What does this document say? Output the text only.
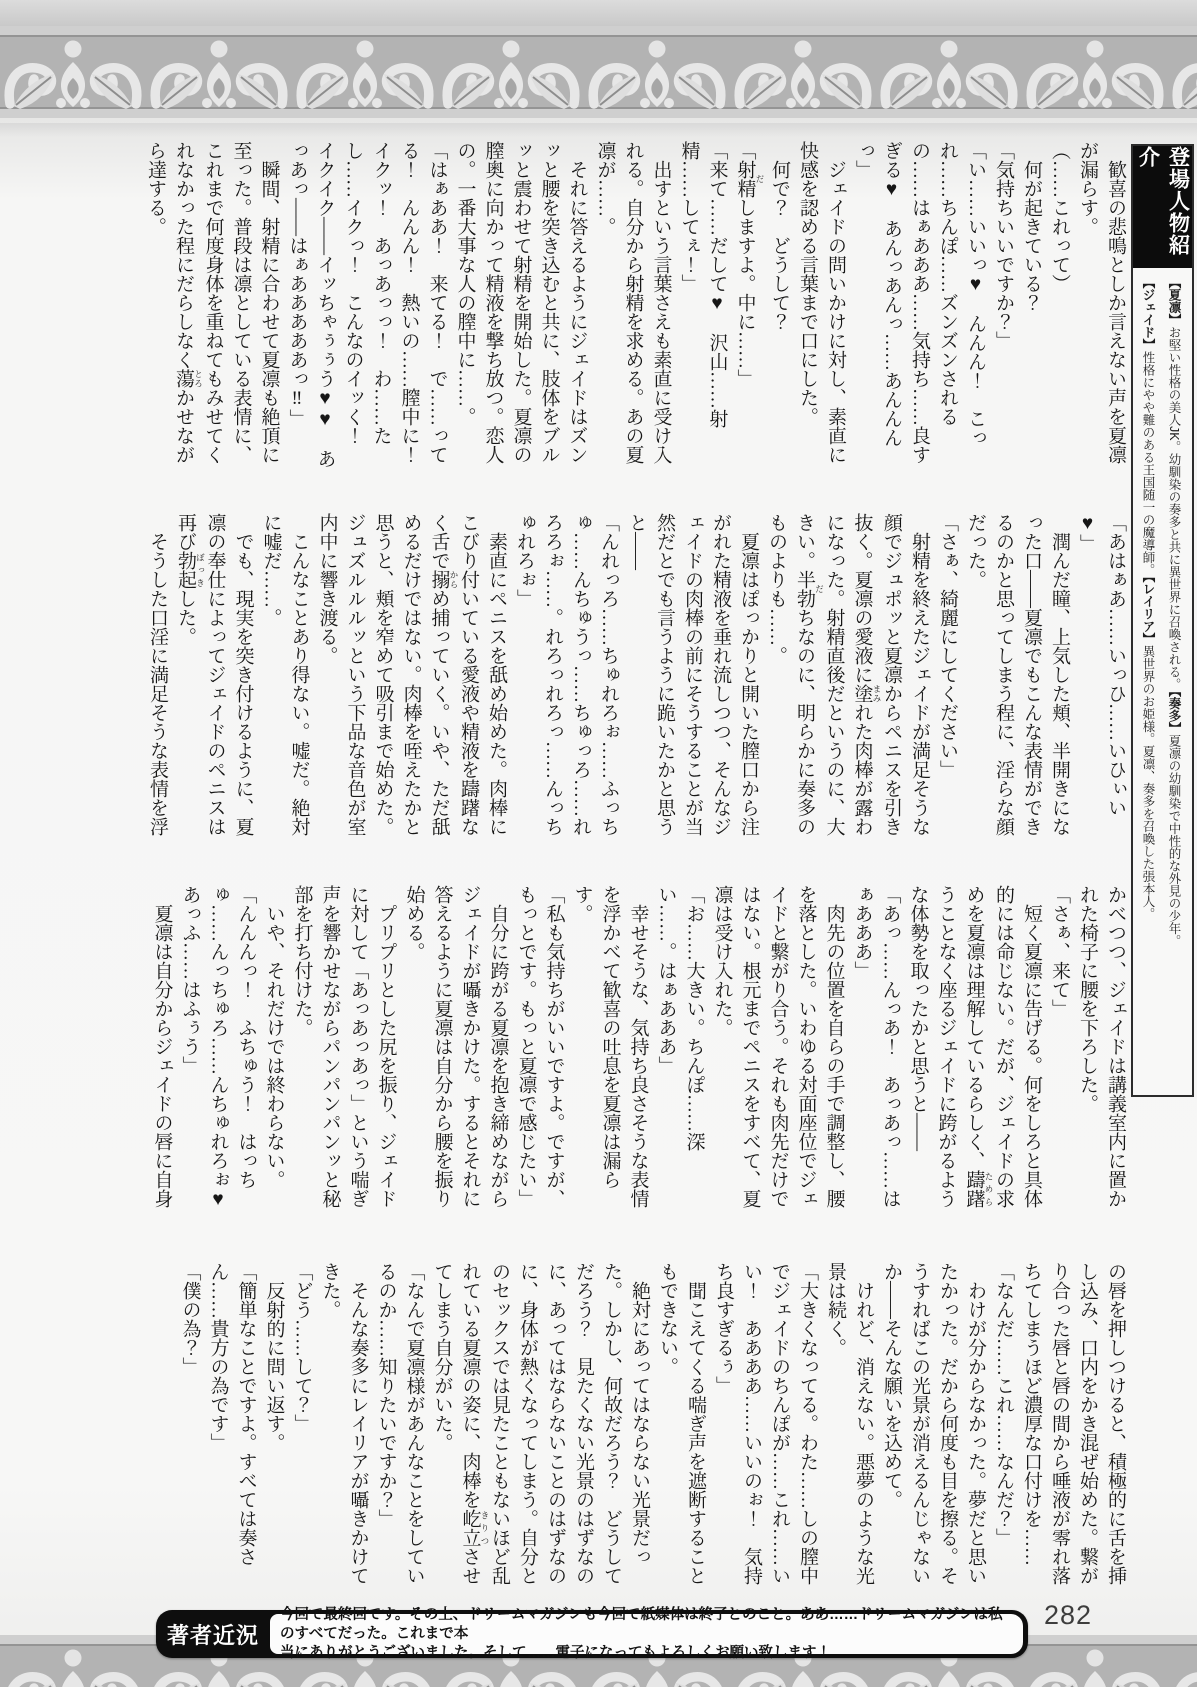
登場人物紹介

【夏凛】お堅い性格の美人JK。幼馴染の奏多と共に異世界に召喚される。【奏多】夏凛の幼馴染で中性的な外見の少年。

【ジェイド】性格にやや難のある王国随一の魔導師。【レイリア】異世界のお姫様。夏凛、奏多を召喚した張本人。

　歓喜の悲鳴としか言えない声を夏凛が漏らす。

（……これって）

　何が起きている？

「気持ちいいですか？」

「い……いいっ♥　んんん！　こっれ……ちんぽ……ズンズンされるの……はぁあああ……気持ち……良すぎる♥　あんっあんっ……あんんんっ」

　ジェイドの問いかけに対し、素直に快感を認める言葉まで口にした。

　何で？　どうして？

「射精 だしますよ。中に……」

「来て……だして♥　沢山……射精……してぇ！」

　出すという言葉さえも素直に受け入れる。自分から射精を求める。あの夏凛が……。

　それに答えるようにジェイドはズンッと腰を突き込むと共に、肢体をブルッと震わせて射精を開始した。夏凛の膣奥に向かって精液を撃ち放つ。恋人の。一番大事な人の膣中に……。

「はぁああ！　来てる！　で……ってる！　んんん！　熱いの……膣中に！　イクッ！　あっあっっ！　わ……たし……イクっ！　こんなのイッく！　イクイク――イッちゃぅぅう♥♥　あっあっ――はぁあああああっ‼」

　瞬間、射精に合わせて夏凛も絶頂に至った。普段は凛としている表情に、これまで何度身体を重ねてもみせてくれなかった程にだらしなく蕩 とろかせながら達する。

「あはぁあ……いっひ……いひぃい♥」

　潤んだ瞳、上気した頬、半開きになった口――夏凛でもこんな表情ができるのかと思ってしまう程に、淫らな顔だった。

「さぁ、綺麗にしてください」

　射精を終えたジェイドが満足そうな顔でジュポッと夏凛からペニスを引き抜く。夏凛の愛液に塗 まみれた肉棒が露わになった。射精直後だというのに、大きい。半勃 だちなのに、明らかに奏多のものよりも……。

　夏凛はぽっかりと開いた膣口から注がれた精液を垂れ流しつつ、そんなジェイドの肉棒の前にそうすることが当然だとでも言うように跪いたかと思うと――

「んれっろ……ちゅれろぉ……ふっちゅ……んちゅうっ……ちゅっろ……れろろぉ……。れろっれろっ……んっちゅれろぉ」

　素直にペニスを舐め始めた。肉棒にこびり付いている愛液や精液を躊躇なく舌で搦 からめ捕っていく。いや、ただ舐めるだけではない。肉棒を咥えたかと思うと、頬を窄めて吸引まで始めた。ジュズルルルッという下品な音色が室内中に響き渡る。

　こんなことあり得ない。嘘だ。絶対に嘘だ……。

　でも、現実を突き付けるように、夏凛の奉仕によってジェイドのペニスは再び勃起 ぼっきした。

　そうした口淫に満足そうな表情を浮

かべつつ、ジェイドは講義室内に置かれた椅子に腰を下ろした。

「さぁ、来て」

　短く夏凛に告げる。何をしろと具体的には命じない。だが、ジェイドの求めを夏凛は理解しているらしく、躊躇 ためらうことなく座るジェイドに跨がるような体勢を取ったかと思うと――

「あっ……んっあ！　あっあっ……はぁあああ」

　肉先の位置を自らの手で調整し、腰を落とした。いわゆる対面座位でジェイドと繋がり合う。それも肉先だけではない。根元までペニスをすべて、夏凛は受け入れた。

「お……大きい。ちんぽ……深い……。はぁあああ」

　幸せそうな、気持ち良さそうな表情を浮かべて歓喜の吐息を夏凛は漏らす。

「私も気持ちがいいですよ。ですが、もっとです。もっと夏凛で感じたい」

　自分に跨がる夏凛を抱き締めながらジェイドが囁きかけた。するとそれに答えるように夏凛は自分から腰を振り始める。

　プリプリとした尻を振り、ジェイドに対して「あっあっあっ」という喘ぎ声を響かせながらパンパンパンッと秘部を打ち付けた。

　いや、それだけでは終わらない。

「んんんっ！　ふちゅう！　はっちゅ……んっちゅろ……んちゅれろぉ♥　あっふ……はふぅう」

　夏凛は自分からジェイドの唇に自身

の唇を押しつけると、積極的に舌を挿し込み、口内をかき混ぜ始めた。繋がり合った唇と唇の間から唾液が零れ落ちてしまうほど濃厚な口付けを……

「なんだ……これ……なんだ？」

　わけが分からなかった。夢だと思いたかった。だから何度も目を擦る。そうすればこの光景が消えるんじゃないか――そんな願いを込めて。

　けれど、消えない。悪夢のような光景は続く。

「大きくなってる。わた……しの膣中でジェイドのちんぽが……これ……いい！　ああああ……いいのぉ！　気持ち良すぎるぅ」

　聞こえてくる喘ぎ声を遮断することもできない。

　絶対にあってはならない光景だった。しかし、何故だろう？　どうしてだろう？　見たくない光景のはずなのに、あってはならないことのはずなのに、身体が熱くなってしまう。自分とのセックスでは見たこともないほど乱れている夏凛の姿に、肉棒を屹立 きりつさせてしまう自分がいた。

「なんで夏凛様があんなことをしているのか……知りたいですか？」

　そんな奏多にレイリアが囁きかけてきた。

「どう……して？」

　反射的に問い返す。

「簡単なことですよ。すべては奏さん……貴方の為です」

「僕の為？」

著者近況
今回で最終回です。その上、ドリームマガジンも今回で紙媒体は終了とのこと。ああ……ドリームマガジンは私のすべてだった。これまで本
当にありがとうございました。そして……電子になってもよろしくお願い致します！
282
